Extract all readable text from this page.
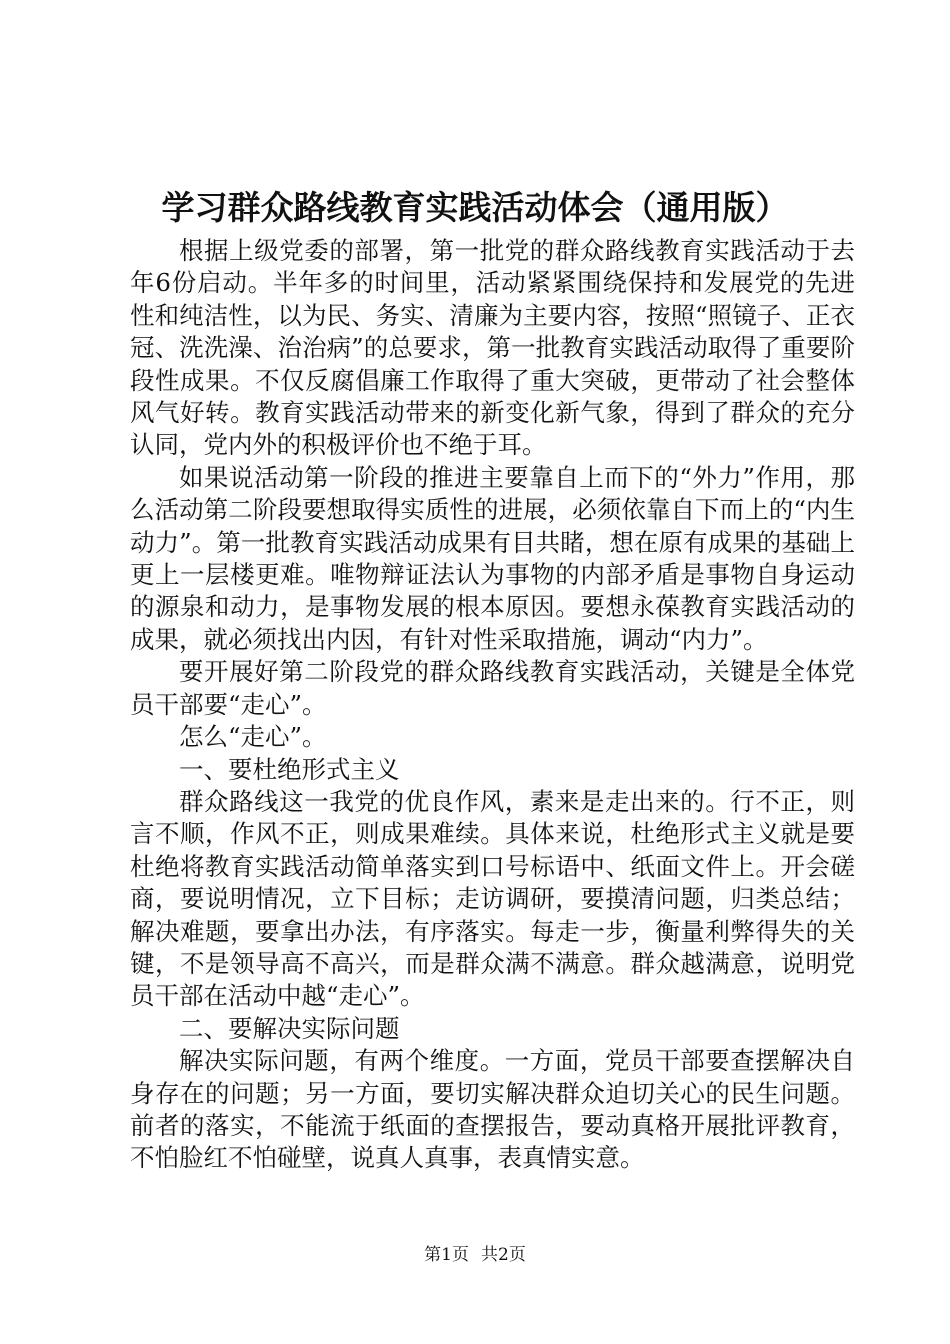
学习群众路线教育实践活动体会（通用版）

根据上级党委的部署，第一批党的群众路线教育实践活动于去年6份启动。半年多的时间里，活动紧紧围绕保持和发展党的先进性和纯洁性，以为民、务实、清廉为主要内容，按照“照镜子、正衣冠、洗洗澡、治治病”的总要求，第一批教育实践活动取得了重要阶段性成果。不仅反腐倡廉工作取得了重大突破，更带动了社会整体风气好转。教育实践活动带来的新变化新气象，得到了群众的充分认同，党内外的积极评价也不绝于耳。

如果说活动第一阶段的推进主要靠自上而下的“外力”作用，那么活动第二阶段要想取得实质性的进展，必须依靠自下而上的“内生动力”。第一批教育实践活动成果有目共睹，想在原有成果的基础上更上一层楼更难。唯物辩证法认为事物的内部矛盾是事物自身运动的源泉和动力，是事物发展的根本原因。要想永葆教育实践活动的成果，就必须找出内因，有针对性采取措施，调动“内力”。

要开展好第二阶段党的群众路线教育实践活动，关键是全体党员干部要“走心”。

怎么“走心”。

一、要杜绝形式主义

群众路线这一我党的优良作风，素来是走出来的。行不正，则言不顺，作风不正，则成果难续。具体来说，杜绝形式主义就是要杜绝将教育实践活动简单落实到口号标语中、纸面文件上。开会磋商，要说明情况，立下目标；走访调研，要摸清问题，归类总结；解决难题，要拿出办法，有序落实。每走一步，衡量利弊得失的关键，不是领导高不高兴，而是群众满不满意。群众越满意，说明党员干部在活动中越“走心”。

二、要解决实际问题

解决实际问题，有两个维度。一方面，党员干部要查摆解决自身存在的问题；另一方面，要切实解决群众迫切关心的民生问题。前者的落实，不能流于纸面的查摆报告，要动真格开展批评教育，不怕脸红不怕碰壁，说真人真事，表真情实意。

第1页 共2页
